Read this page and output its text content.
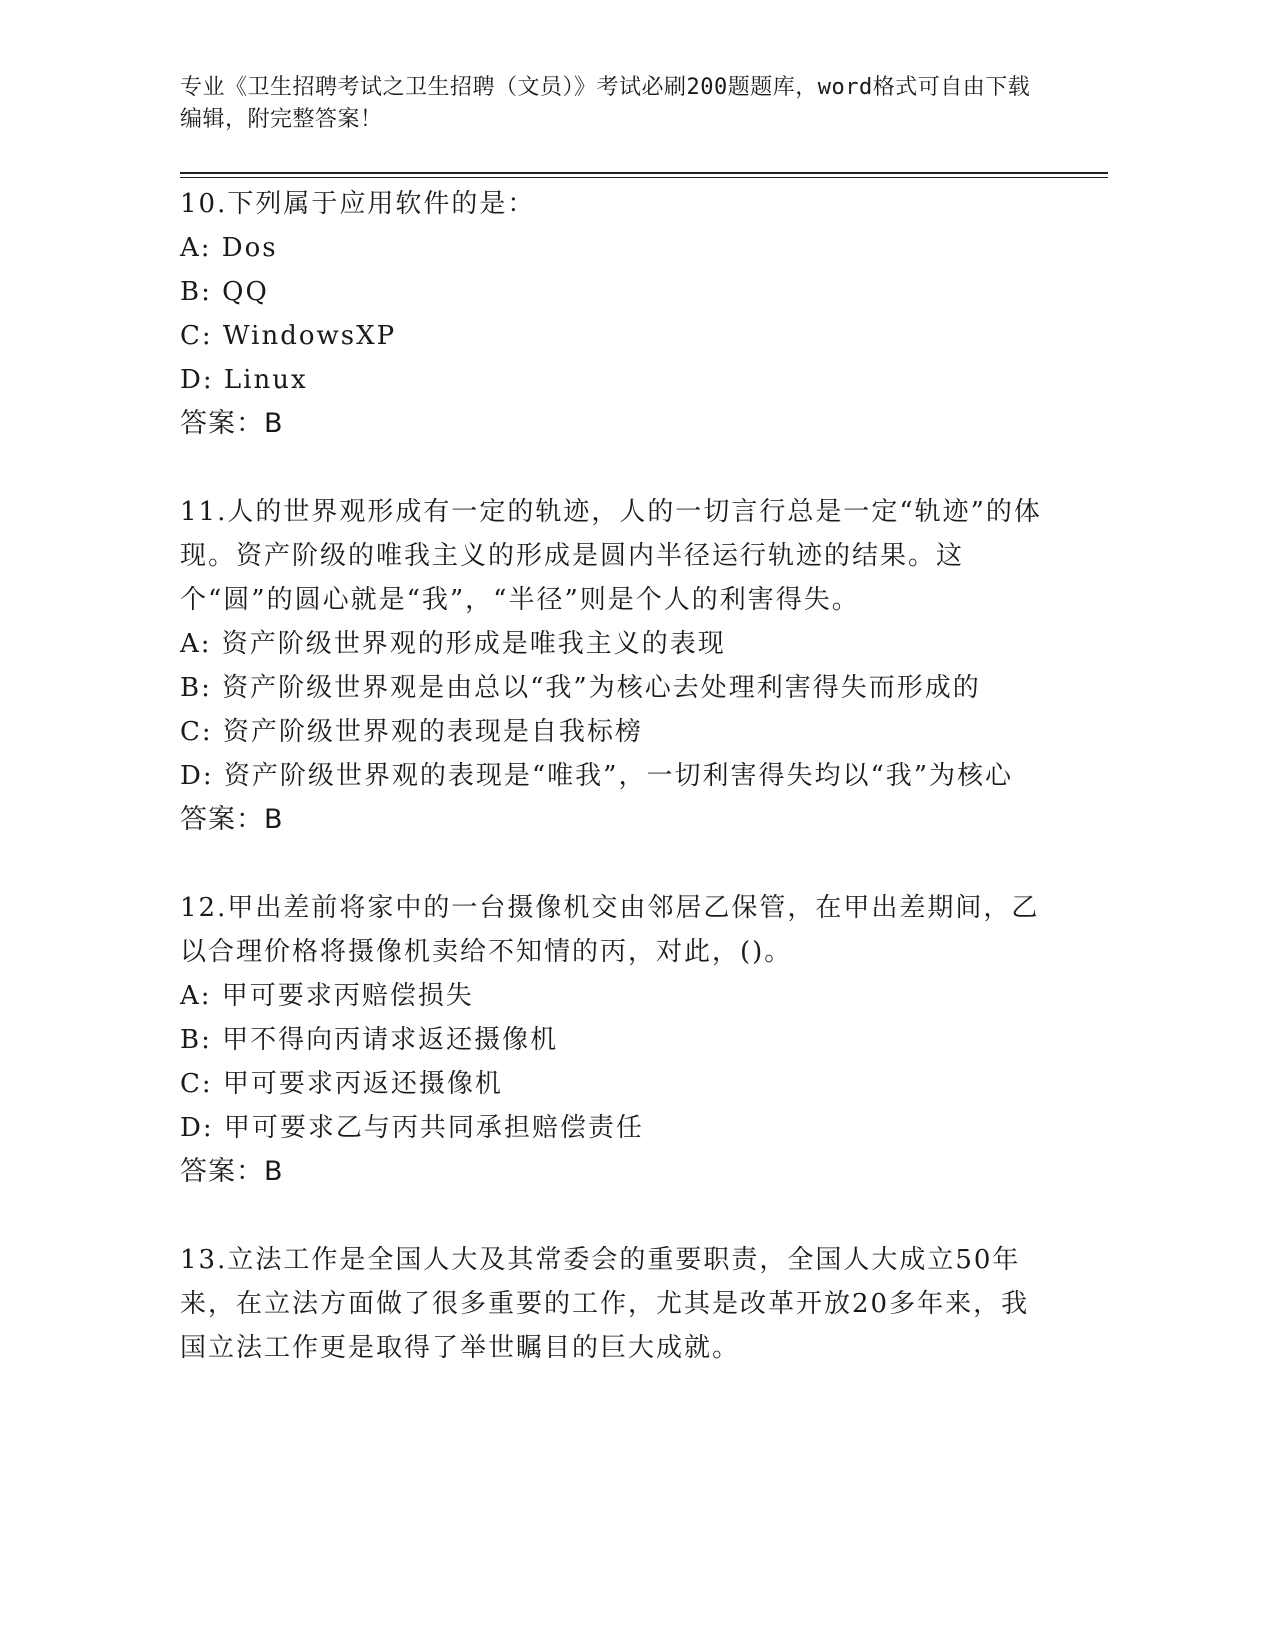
专业《卫生招聘考试之卫生招聘（文员）》考试必刷200题题库，word格式可自由下载编辑，附完整答案！
10.下列属于应用软件的是：
A: Dos
B: QQ
C: WindowsXP
D: Linux
答案：B
11.人的世界观形成有一定的轨迹，人的一切言行总是一定“轨迹”的体现。资产阶级的唯我主义的形成是圆内半径运行轨迹的结果。这个“圆”的圆心就是“我”，“半径”则是个人的利害得失。
A: 资产阶级世界观的形成是唯我主义的表现
B: 资产阶级世界观是由总以“我”为核心去处理利害得失而形成的
C: 资产阶级世界观的表现是自我标榜
D: 资产阶级世界观的表现是“唯我”，一切利害得失均以“我”为核心
答案：B
12.甲出差前将家中的一台摄像机交由邻居乙保管，在甲出差期间，乙以合理价格将摄像机卖给不知情的丙，对此，()。
A: 甲可要求丙赔偿损失
B: 甲不得向丙请求返还摄像机
C: 甲可要求丙返还摄像机
D: 甲可要求乙与丙共同承担赔偿责任
答案：B
13.立法工作是全国人大及其常委会的重要职责，全国人大成立50年来，在立法方面做了很多重要的工作，尤其是改革开放20多年来，我国立法工作更是取得了举世瞩目的巨大成就。
